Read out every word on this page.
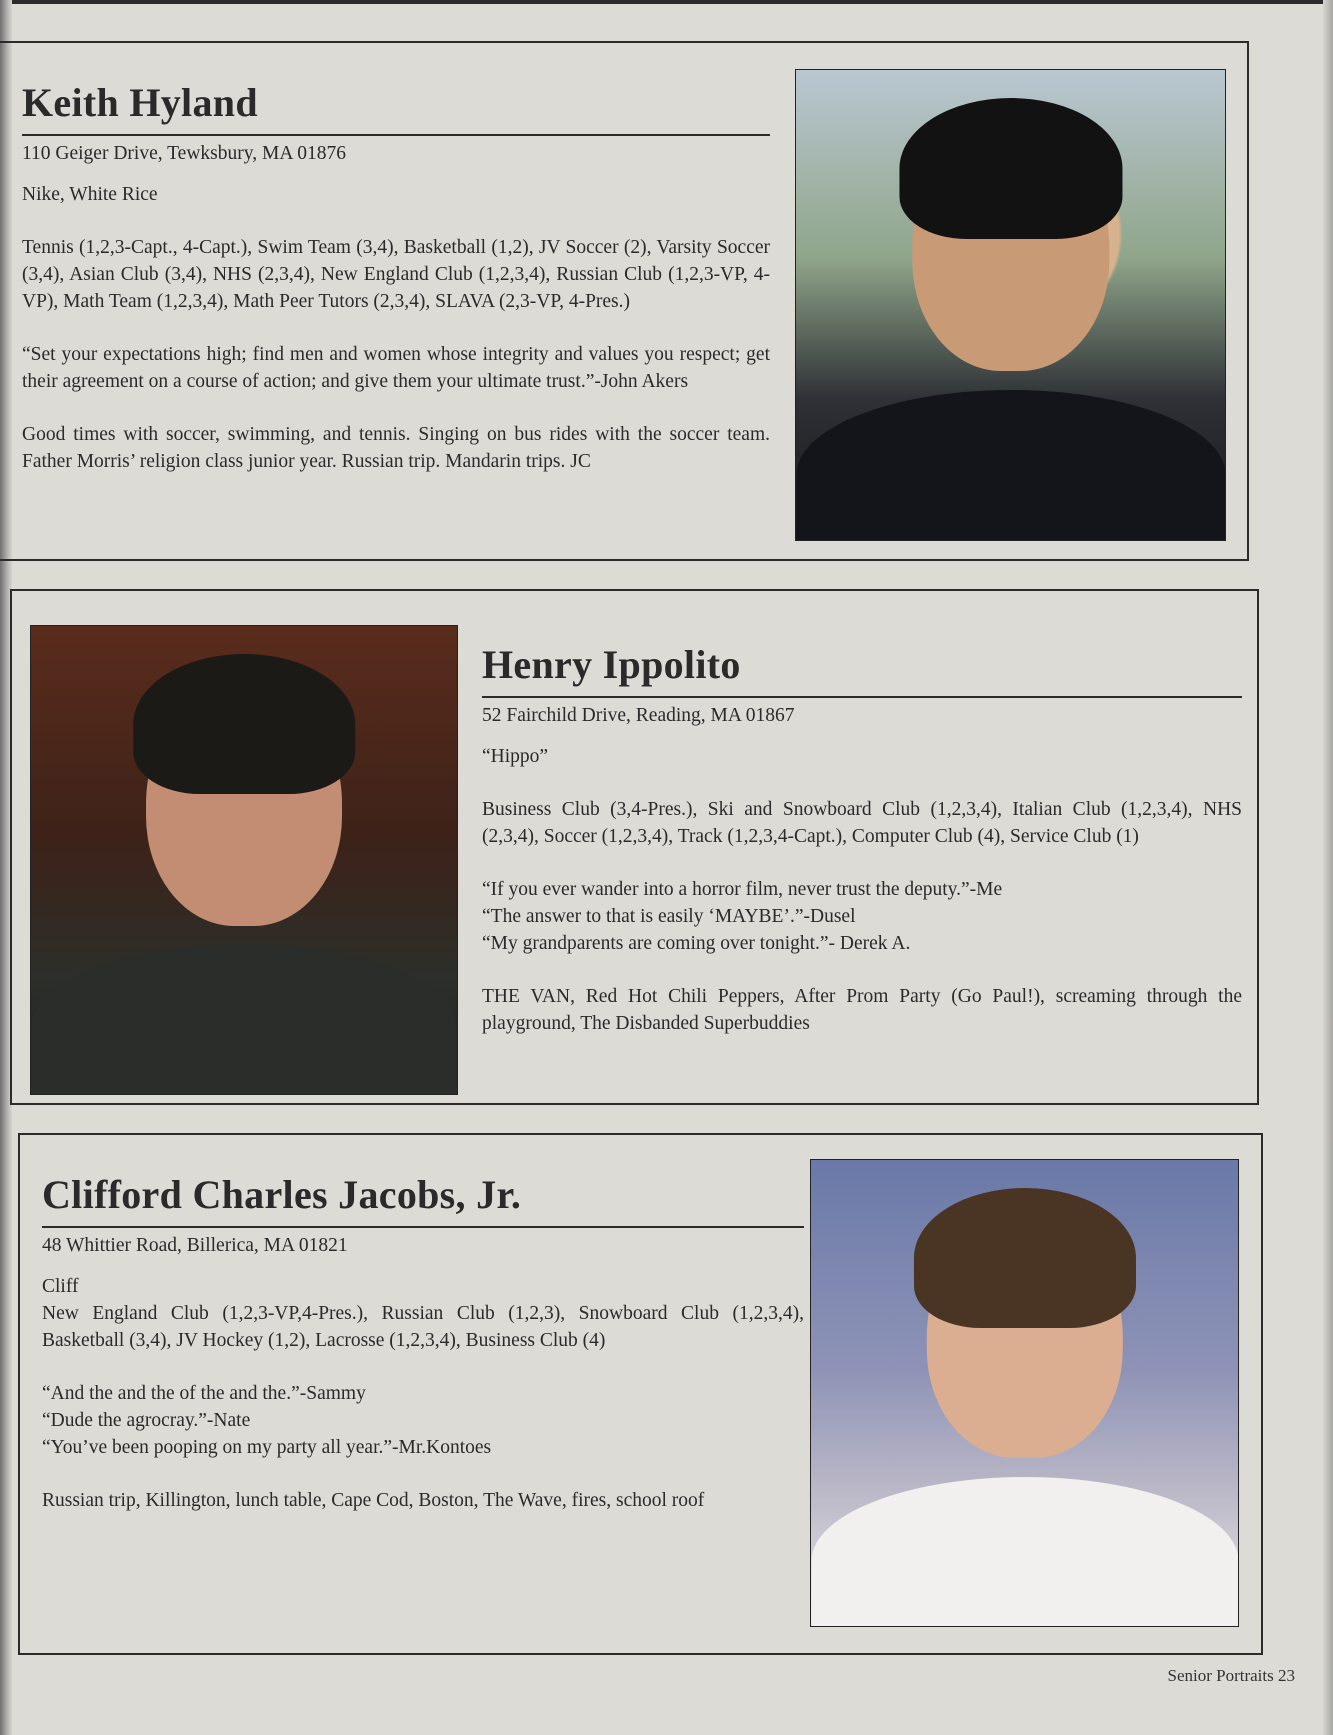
Keith Hyland

110 Geiger Drive, Tewksbury, MA 01876

Nike, White Rice

Tennis (1,2,3-Capt., 4-Capt.), Swim Team (3,4), Basketball (1,2), JV Soccer (2), Varsity Soccer (3,4), Asian Club (3,4), NHS (2,3,4), New England Club (1,2,3,4), Russian Club (1,2,3-VP, 4-VP), Math Team (1,2,3,4), Math Peer Tutors (2,3,4), SLAVA (2,3-VP, 4-Pres.)

“Set your expectations high; find men and women whose integrity and values you respect; get their agreement on a course of action; and give them your ultimate trust.”-John Akers

Good times with soccer, swimming, and tennis. Singing on bus rides with the soccer team. Father Morris’ religion class junior year. Russian trip. Mandarin trips. JC

Henry Ippolito

52 Fairchild Drive, Reading, MA 01867

“Hippo”

Business Club (3,4-Pres.), Ski and Snowboard Club (1,2,3,4), Italian Club (1,2,3,4), NHS (2,3,4), Soccer (1,2,3,4), Track (1,2,3,4-Capt.), Computer Club (4), Service Club (1)

“If you ever wander into a horror film, never trust the deputy.”-Me

“The answer to that is easily ‘MAYBE’.”-Dusel

“My grandparents are coming over tonight.”- Derek A.

THE VAN, Red Hot Chili Peppers, After Prom Party (Go Paul!), screaming through the playground, The Disbanded Superbuddies

Clifford Charles Jacobs, Jr.

48 Whittier Road, Billerica, MA 01821

Cliff

New England Club (1,2,3-VP,4-Pres.), Russian Club (1,2,3), Snowboard Club (1,2,3,4), Basketball (3,4), JV Hockey (1,2), Lacrosse (1,2,3,4), Business Club (4)

“And the and the of the and the.”-Sammy

“Dude the agrocray.”-Nate

“You’ve been pooping on my party all year.”-Mr.Kontoes

Russian trip, Killington, lunch table, Cape Cod, Boston, The Wave, fires, school roof

Senior Portraits 23
